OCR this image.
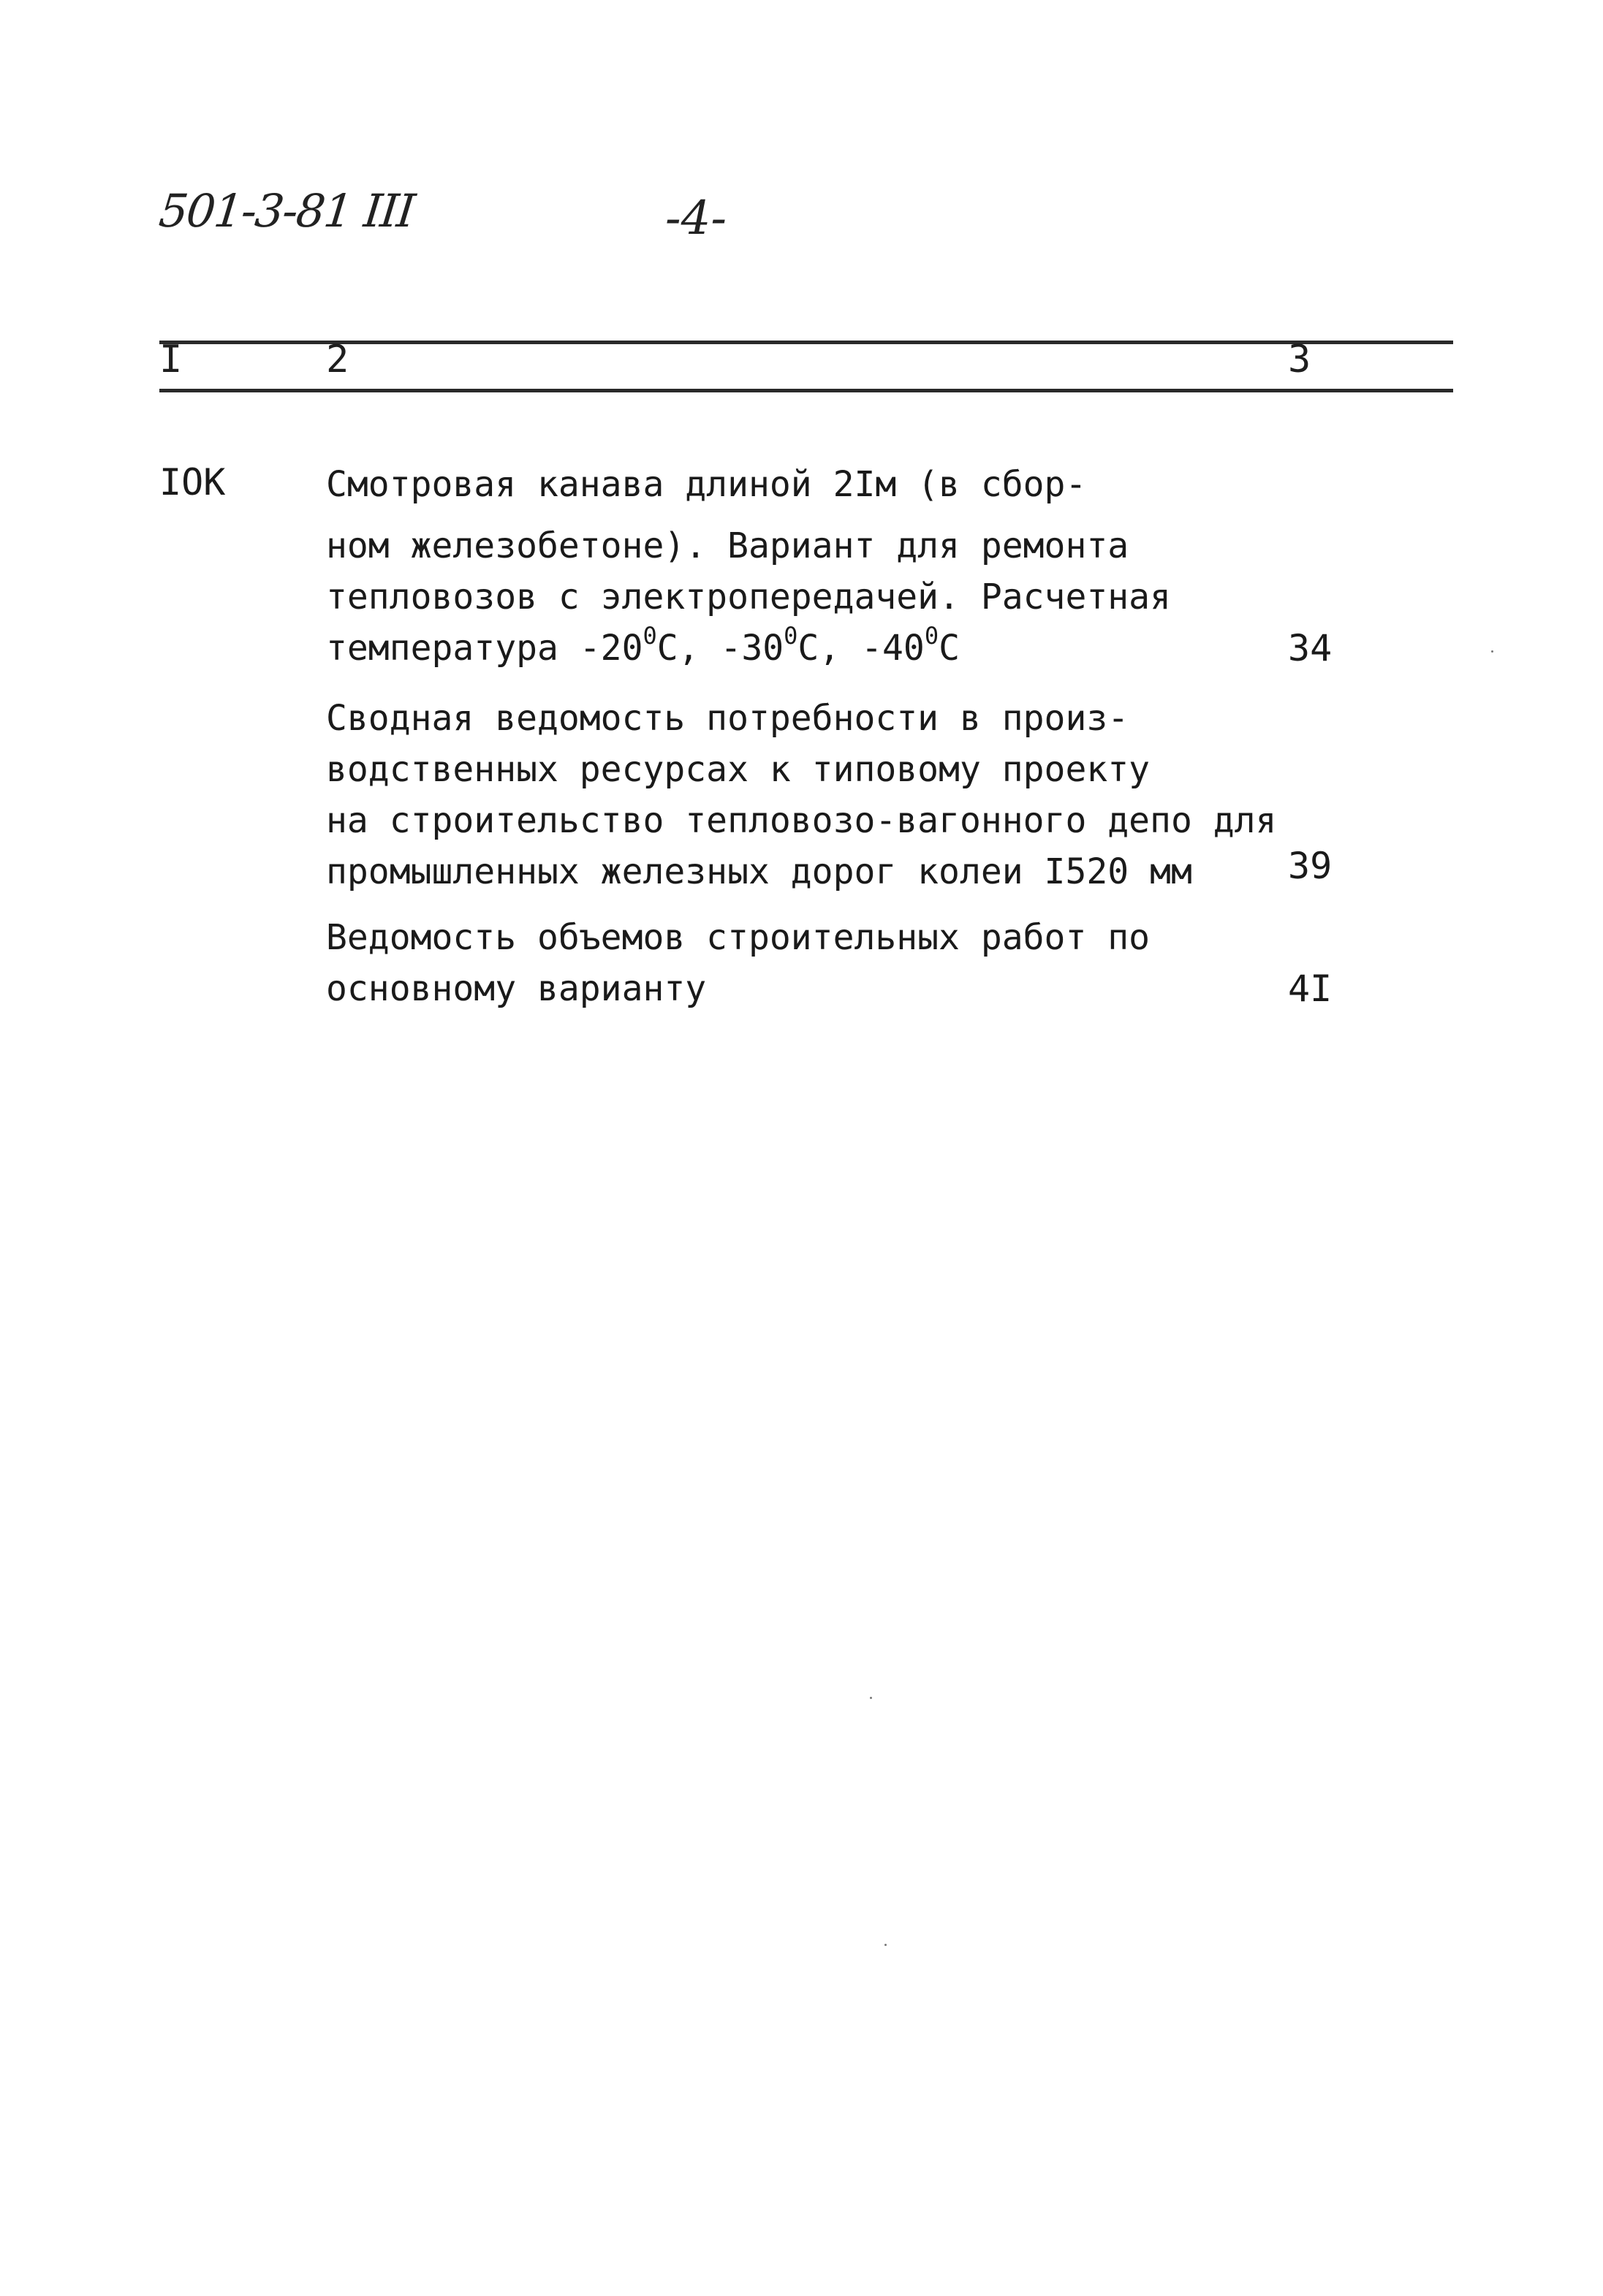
501-3-81 III	-4-
I	2	3
IOK	Смотровая канава длиной 2Iм (в сбор-
ном железобетоне). Вариант для ремонта
тепловозов с электропередачей. Расчетная
температура $-20^0C$, $-30^0C$, $-40^0C$	34
Сводная ведомость потребности в произ-
водственных ресурсах к типовому проекту
на строительство тепловозо-вагонного депо для
промышленных железных дорог колеи I520 мм	39
Ведомость объемов строительных работ по
основному варианту	4I
